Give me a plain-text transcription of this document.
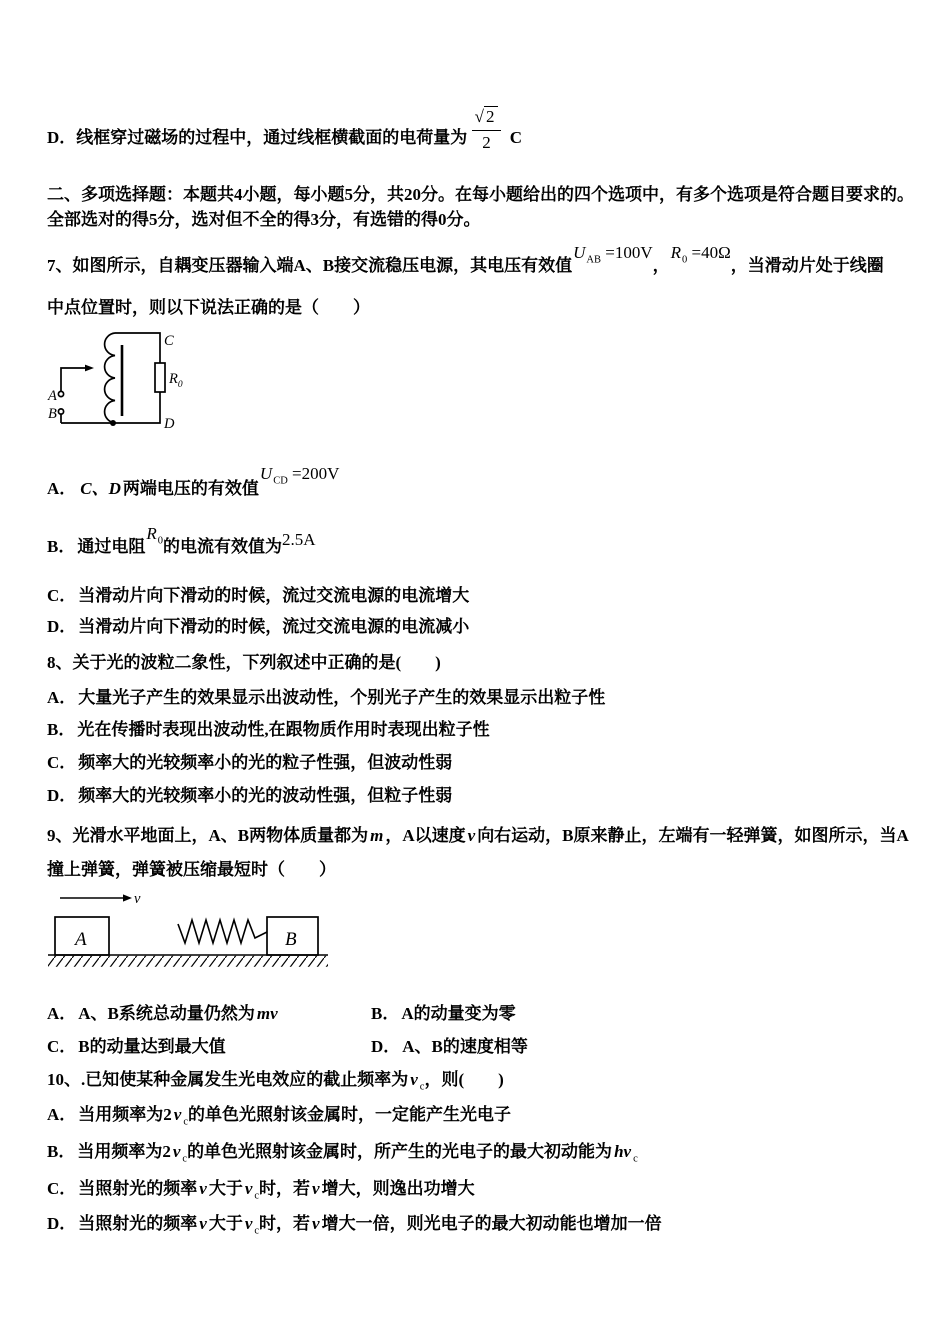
D． 线框穿过磁场的过程中，通过线框横截面的电荷量为 $\frac{√ 2}{2}$ C
二、多项选择题：本题共4小题，每小题5分，共20分。在每小题给出的四个选项中，有多个选项是符合题目要求的。
全部选对的得5分，选对但不全的得3分，有选错的得0分。
7、如图所示，自耦变压器输入端A、B接交流稳压电源，其电压有效值$U_{AB} =100V$，$R_0 =40\Omega$，当滑动片处于线圈
中点位置时，则以下说法正确的是（　　）
A
B
C
D
$R_0$
A． C、D 两端电压的有效值$U_{CD} =200V$
B． 通过电阻$R_0$的电流有效值为2.5A
C． 当滑动片向下滑动的时候，流过交流电源的电流增大
D． 当滑动片向下滑动的时候，流过交流电源的电流减小
8、关于光的波粒二象性，下列叙述中正确的是(　　)
A． 大量光子产生的效果显示出波动性，个别光子产生的效果显示出粒子性
B． 光在传播时表现出波动性,在跟物质作用时表现出粒子性
C． 频率大的光较频率小的光的粒子性强，但波动性弱
D． 频率大的光较频率小的光的波动性强，但粒子性弱
9、光滑水平地面上，A、B两物体质量都为 m ，A以速度 v 向右运动，B原来静止，左端有一轻弹簧，如图所示，当A
撞上弹簧，弹簧被压缩最短时（　　）
v
A	B
A． A、B系统总动量仍然为 mv	B． A的动量变为零
C． B的动量达到最大值	D． A、B的速度相等
10、.已知使某种金属发生光电效应的截止频率为 v $_c$，则(　　)
A． 当用频率为2 v $_c$的单色光照射该金属时，一定能产生光电子
B． 当用频率为2 v $_c$的单色光照射该金属时，所产生的光电子的最大初动能为 hv $_c$
C． 当照射光的频率 v 大于 v $_c$时，若 v 增大，则逸出功增大
D． 当照射光的频率 v 大于 v $_c$时，若 v 增大一倍，则光电子的最大初动能也增加一倍
